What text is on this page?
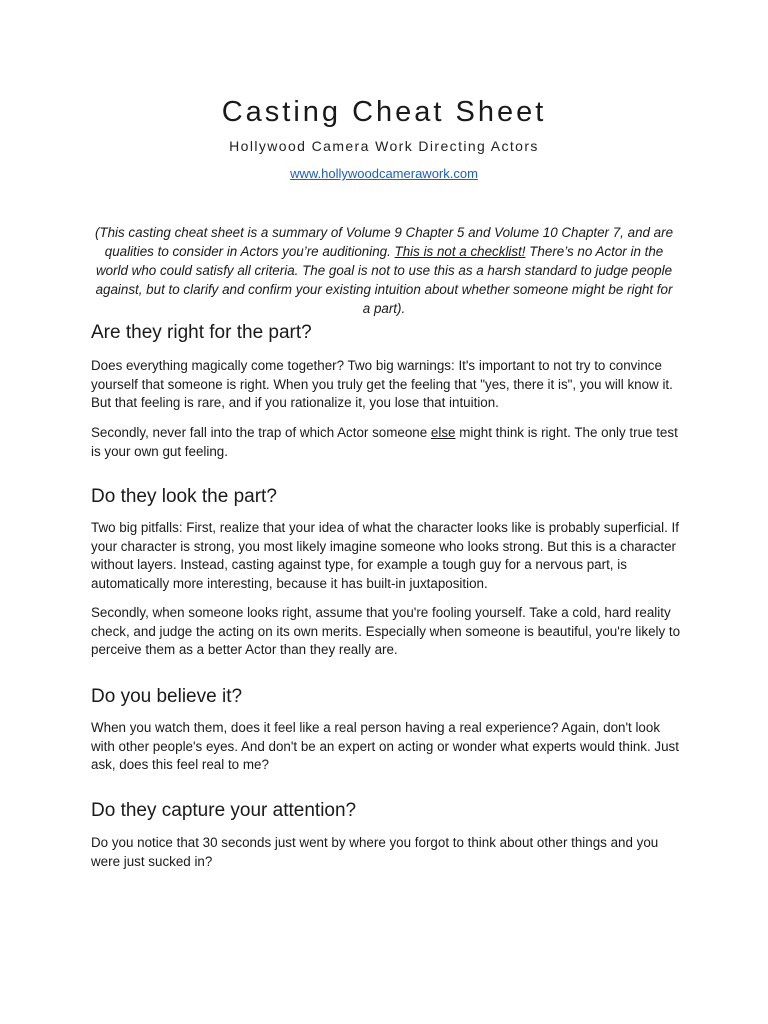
Casting Cheat Sheet

Hollywood Camera Work Directing Actors

www.hollywoodcamerawork.com

(This casting cheat sheet is a summary of Volume 9 Chapter 5 and Volume 10 Chapter 7, and are qualities to consider in Actors you’re auditioning. This is not a checklist! There’s no Actor in the world who could satisfy all criteria. The goal is not to use this as a harsh standard to judge people against, but to clarify and confirm your existing intuition about whether someone might be right for a part).

Are they right for the part?

Does everything magically come together? Two big warnings: It's important to not try to convince yourself that someone is right. When you truly get the feeling that "yes, there it is", you will know it. But that feeling is rare, and if you rationalize it, you lose that intuition.

Secondly, never fall into the trap of which Actor someone else might think is right. The only true test is your own gut feeling.

Do they look the part?

Two big pitfalls: First, realize that your idea of what the character looks like is probably superficial. If your character is strong, you most likely imagine someone who looks strong. But this is a character without layers. Instead, casting against type, for example a tough guy for a nervous part, is automatically more interesting, because it has built-in juxtaposition.

Secondly, when someone looks right, assume that you're fooling yourself. Take a cold, hard reality check, and judge the acting on its own merits. Especially when someone is beautiful, you're likely to perceive them as a better Actor than they really are.

Do you believe it?

When you watch them, does it feel like a real person having a real experience? Again, don't look with other people's eyes. And don't be an expert on acting or wonder what experts would think. Just ask, does this feel real to me?

Do they capture your attention?

Do you notice that 30 seconds just went by where you forgot to think about other things and you were just sucked in?
